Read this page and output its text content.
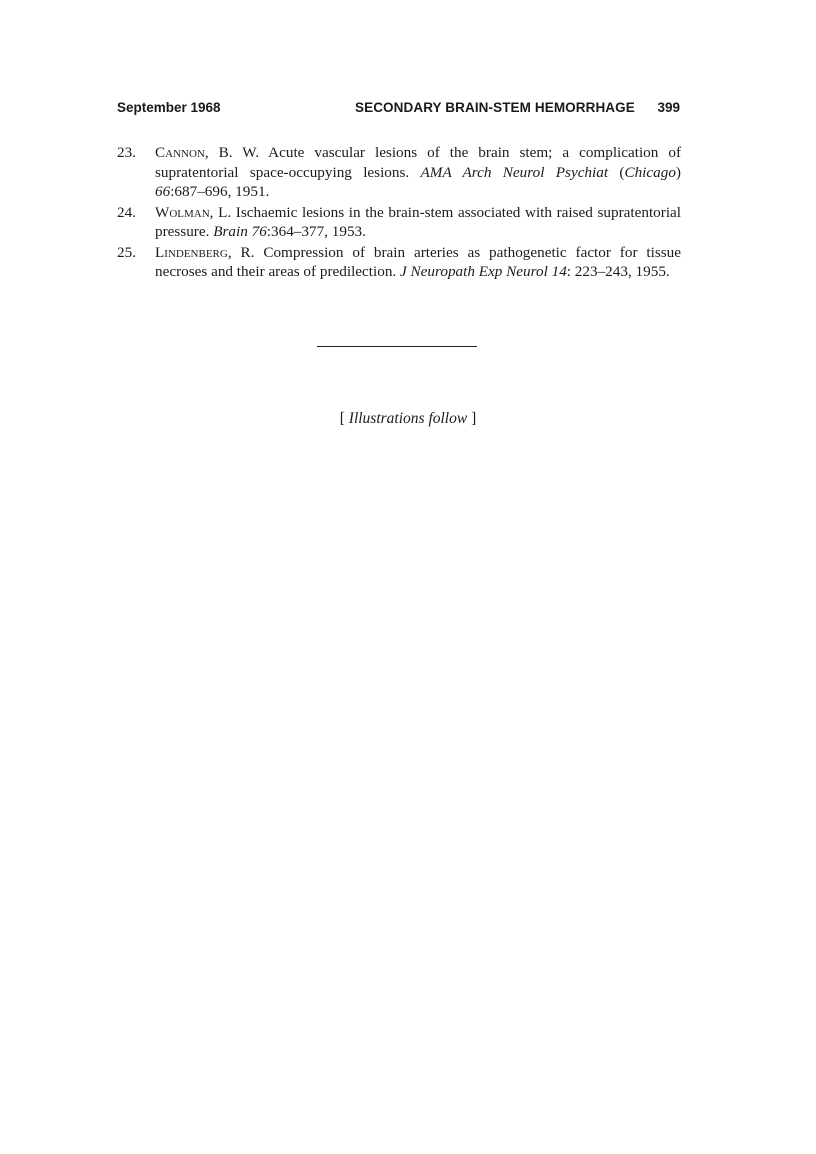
September 1968	SECONDARY BRAIN-STEM HEMORRHAGE 399
23. Cannon, B. W. Acute vascular lesions of the brain stem; a complication of supratentorial space-occupying lesions. AMA Arch Neurol Psychiat (Chicago) 66:687–696, 1951.
24. Wolman, L. Ischaemic lesions in the brain-stem associated with raised supratentorial pressure. Brain 76:364–377, 1953.
25. Lindenberg, R. Compression of brain arteries as pathogenetic factor for tissue necroses and their areas of predilection. J Neuropath Exp Neurol 14: 223–243, 1955.
[ Illustrations follow ]
